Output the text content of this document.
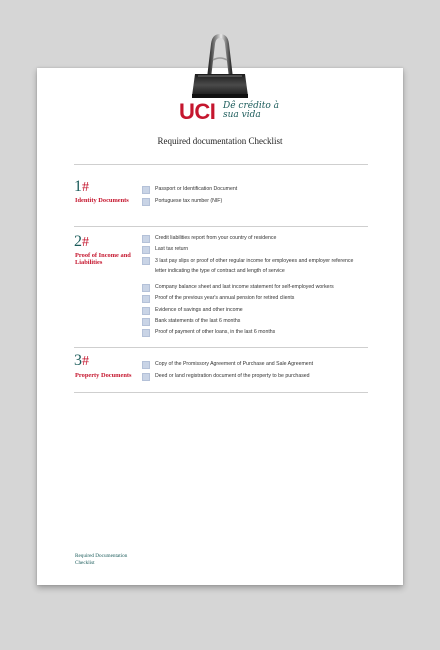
UCI Dê crédito à sua vida
Required documentation Checklist
1#
Identity Documents
Passport or Identification Document
Portuguese tax number (NIF)
2#
Proof of Income and Liabilities
Credit liabilities report from your country of residence
Last tax return
3 last pay slips or proof of other regular income for employees and employer reference letter indicating the type of contract and length of service
Company balance sheet and last income statement for self-employed workers
Proof of the previous year's annual pension for retired clients
Evidence of savings and other income
Bank statements of the last 6 months
Proof of payment of other loans, in the last 6 months
3#
Property Documents
Copy of the Promissory Agreement of Purchase and Sale Agreement
Deed or land registration document of the property to be purchased
Required Documentation
Checklist
